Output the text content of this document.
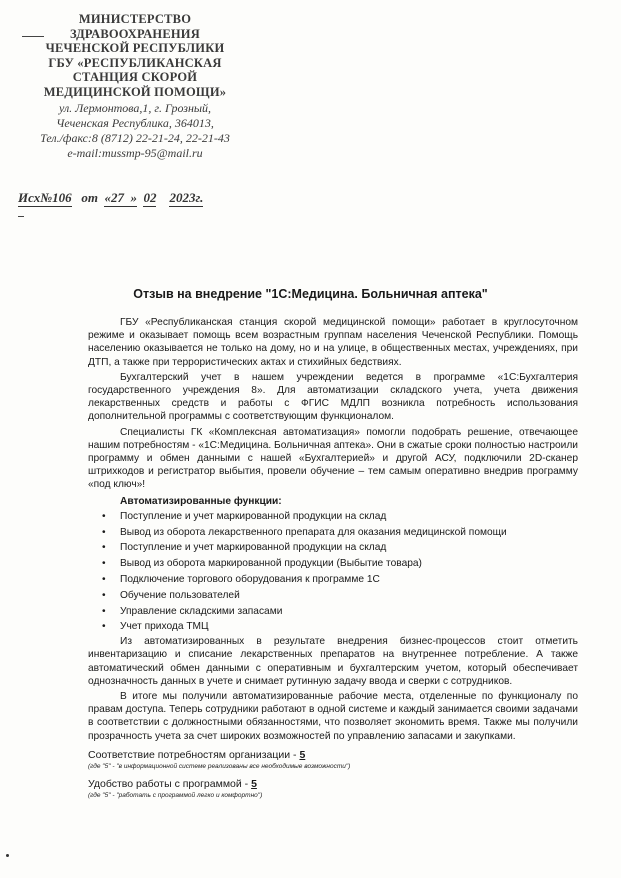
МИНИСТЕРСТВО
ЗДРАВООХРАНЕНИЯ
ЧЕЧЕНСКОЙ РЕСПУБЛИКИ
ГБУ «РЕСПУБЛИКАНСКАЯ
СТАНЦИЯ СКОРОЙ
МЕДИЦИНСКОЙ ПОМОЩИ»
ул. Лермонтова,1, г. Грозный,
Чеченская Республика, 364013,
Тел./факс:8 (8712) 22-21-24, 22-21-43
e-mail:mussmp-95@mail.ru
Исх№106 от «27  » 02 2023г.
Отзыв на внедрение "1С:Медицина. Больничная аптека"

ГБУ «Республиканская станция скорой медицинской помощи» работает в круглосуточном режиме и оказывает помощь всем возрастным группам населения Чеченской Республики. Помощь населению оказывается не только на дому, но и на улице, в общественных местах, учреждениях, при ДТП, а также при террористических актах и стихийных бедствиях.

Бухгалтерский учет в нашем учреждении ведется в программе «1С:Бухгалтерия государственного учреждения 8». Для автоматизации складского учета, учета движения лекарственных средств и работы с ФГИС МДЛП возникла потребность использования дополнительной программы с соответствующим функционалом.

Специалисты ГК «Комплексная автоматизация» помогли подобрать решение, отвечающее нашим потребностям - «1С:Медицина. Больничная аптека». Они в сжатые сроки полностью настроили программу и обмен данными с нашей «Бухгалтерией» и другой АСУ, подключили 2D-сканер штрихкодов и регистратор выбытия, провели обучение – тем самым оперативно внедрив программу «под ключ»!

Автоматизированные функции:
• Поступление и учет маркированной продукции на склад
• Вывод из оборота лекарственного препарата для оказания медицинской помощи
• Поступление и учет маркированной продукции на склад
• Вывод из оборота маркированной продукции (Выбытие товара)
• Подключение торгового оборудования к программе 1С
• Обучение пользователей
• Управление складскими запасами
• Учет прихода ТМЦ

Из автоматизированных в результате внедрения бизнес-процессов стоит отметить инвентаризацию и списание лекарственных препаратов на внутреннее потребление. А также автоматический обмен данными с оперативным и бухгалтерским учетом, который обеспечивает однозначность данных в учете и снимает рутинную задачу ввода и сверки с сотрудников.

В итоге мы получили автоматизированные рабочие места, отделенные по функционалу по правам доступа. Теперь сотрудники работают в одной системе и каждый занимается своими задачами в соответствии с должностными обязанностями, что позволяет экономить время. Также мы получили прозрачность учета за счет широких возможностей по управлению запасами и закупками.

Соответствие потребностям организации - 5
(где "5" - "в информационной системе реализованы все необходимые возможности")
Удобство работы с программой - 5
(где "5" - "работать с программой легко и комфортно")
